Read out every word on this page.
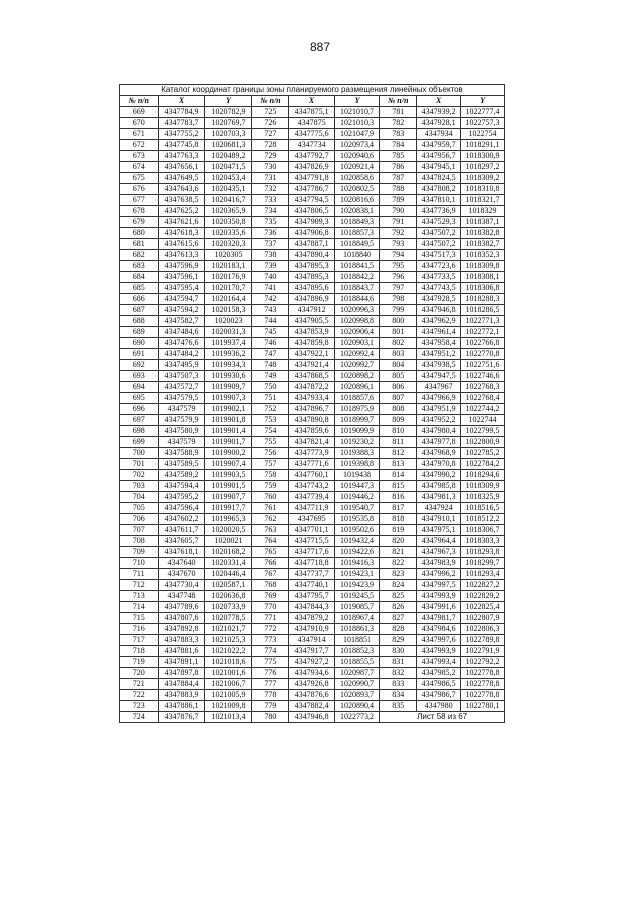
887
Каталог координат границы зоны планируемого размещения линейных объектов								
№ п/п	X	Y	№ п/п	X	Y	№ п/п	X	Y
669	4347784,9	1020782,9	725	4347875,1	1021010,7	781	4347939,2	1022777,4
670	4347783,7	1020769,7	726	4347875	1021010,3	782	4347928,1	1022757,3
671	4347755,2	1020703,3	727	4347775,6	1021047,9	783	4347934	1022754
672	4347745,8	1020681,3	728	4347734	1020973,4	784	4347959,7	1018291,1
673	4347763,3	1020489,2	729	4347792,7	1020940,6	785	4347956,7	1018300,9
674	4347656,1	1020471,5	730	4347826,9	1020921,4	786	4347945,1	1018297,2
675	4347649,5	1020453,4	731	4347791,8	1020858,6	787	4347824,5	1018309,2
676	4347643,6	1020435,1	732	4347786,7	1020802,5	788	4347808,2	1018310,8
677	4347638,5	1020416,7	733	4347794,5	1020816,6	789	4347810,1	1018321,7
678	4347625,2	1020365,9	734	4347806,5	1020838,1	790	4347736,9	1018329
679	4347621,6	1020350,8	735	4347909,3	1018849,3	791	4347529,3	1018387,1
680	4347618,3	1020335,6	736	4347906,8	1018857,3	792	4347507,2	1018382,8
681	4347615,6	1020320,3	737	4347887,1	1018849,5	793	4347507,2	1018382,7
682	4347613,3	1020305	738	4347890,4	1018840	794	4347517,3	1018352,3
683	4347596,9	1020183,1	739	4347895,3	1018841,5	795	4347723,6	1018309,8
684	4347596,1	1020176,9	740	4347895,3	1018842,2	796	4347733,5	1018308,1
685	4347595,4	1020170,7	741	4347895,6	1018843,7	797	4347743,5	1018306,8
686	4347594,7	1020164,4	742	4347896,9	1018844,6	798	4347928,5	1018288,3
687	4347594,2	1020158,3	743	4347912	1020996,3	799	4347946,8	1018286,5
688	4347582,7	1020023	744	4347905,5	1020998,8	800	4347962,9	1022771,3
689	4347484,6	1020031,3	745	4347853,9	1020906,4	801	4347961,4	1022772,1
690	4347476,6	1019937,4	746	4347859,8	1020903,1	802	4347958,4	1022766,8
691	4347484,2	1019936,2	747	4347922,1	1020992,4	803	4347951,2	1022770,8
692	4347495,9	1019934,3	748	4347921,4	1020992,7	804	4347938,5	1022751,6
693	4347507,3	1019930,6	749	4347868,5	1020898,2	805	4347947,5	1022746,6
694	4347572,7	1019909,7	750	4347872,2	1020896,1	806	4347967	1022768,3
695	4347579,5	1019907,3	751	4347933,4	1018857,6	807	4347966,9	1022768,4
696	4347579	1019902,1	752	4347896,7	1018975,9	808	4347951,9	1022744,2
697	4347579,9	1019901,8	753	4347890,8	1018999,7	809	4347952,2	1022744
698	4347580,9	1019901,4	754	4347859,6	1019099,9	810	4347980,4	1022799,5
699	4347579	1019901,7	755	4347821,4	1019230,2	811	4347977,8	1022800,9
700	4347588,9	1019900,2	756	4347773,9	1019388,3	812	4347968,9	1022785,2
701	4347589,5	1019907,4	757	4347771,6	1019398,8	813	4347970,8	1022784,2
702	4347589,2	1019903,5	758	4347760,1	1019438	814	4347990,2	1018294,6
703	4347594,4	1019901,5	759	4347743,2	1019447,3	815	4347985,8	1018309,9
704	4347595,2	1019907,7	760	4347739,4	1019446,2	816	4347981,3	1018325,9
705	4347596,4	1019917,7	761	4347711,9	1019540,7	817	4347924	1018516,5
706	4347602,2	1019965,3	762	4347695	1019535,8	818	4347910,1	1018512,2
707	4347611,7	1020020,5	763	4347701,1	1019502,6	819	4347975,1	1018306,7
708	4347605,7	1020021	764	4347715,5	1019432,4	820	4347964,4	1018303,3
709	4347618,1	1020168,2	765	4347717,6	1019422,6	821	4347967,3	1018293,8
710	4347640	1020331,4	766	4347718,8	1019416,3	822	4347983,9	1018299,7
711	4347670	1020446,4	767	4347737,7	1019423,1	823	4347996,2	1018293,4
712	4347730,4	1020587,1	768	4347740,1	1019423,9	824	4347997,5	1022827,2
713	4347748	1020636,8	769	4347795,7	1019245,5	825	4347993,9	1022829,2
714	4347789,6	1020733,9	770	4347844,3	1019085,7	826	4347991,6	1022825,4
715	4347807,6	1020778,5	771	4347879,2	1018967,4	827	4347981,7	1022807,9
716	4347892,8	1021021,7	772	4347910,9	1018861,3	828	4347984,6	1022806,3
717	4347883,3	1021025,3	773	4347914	1018851	829	4347997,6	1022789,8
718	4347881,6	1021022,2	774	4347917,7	1018852,3	830	4347993,9	1022791,9
719	4347891,1	1021018,6	775	4347927,2	1018855,5	831	4347993,4	1022792,2
720	4347897,8	1021001,6	776	4347934,6	1020987,7	832	4347985,2	1022778,8
721	4347884,4	1021006,7	777	4347926,8	1020990,7	833	4347986,5	1022778,8
722	4347883,9	1021005,9	778	4347876,6	1020893,7	834	4347986,7	1022778,8
723	4347886,1	1021009,8	779	4347882,4	1020890,4	835	4347980	1022780,1
724	4347876,7	1021013,4	780	4347946,8	1022773,2	Лист 58 из 67		
